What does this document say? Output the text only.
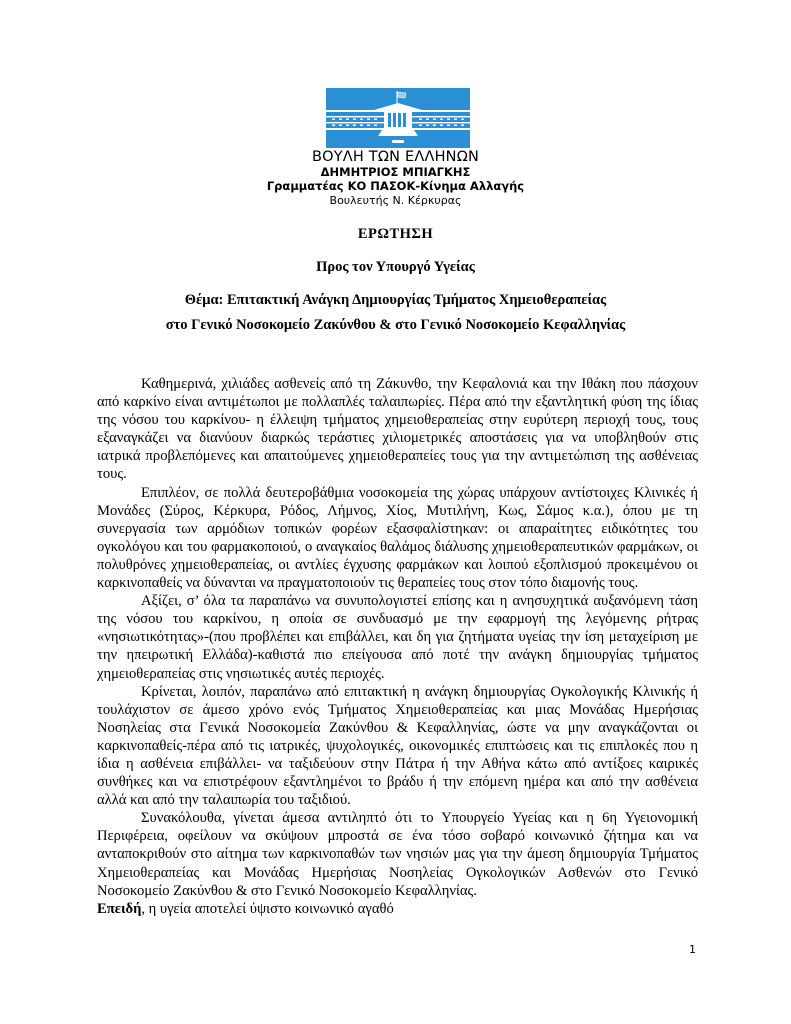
ΒΟΥΛΗ ΤΩΝ ΕΛΛΗΝΩΝ
ΔΗΜΗΤΡΙΟΣ ΜΠΙΑΓΚΗΣ
Γραμματέας ΚΟ ΠΑΣΟΚ-Κίνημα Αλλαγής
Βουλευτής Ν. Κέρκυρας
ΕΡΩΤΗΣΗ
Προς τον Υπουργό Υγείας
Θέμα: Επιτακτική Ανάγκη Δημιουργίας Τμήματος Χημειοθεραπείας
στο Γενικό Νοσοκομείο Ζακύνθου & στο Γενικό Νοσοκομείο Κεφαλληνίας

Καθημερινά, χιλιάδες ασθενείς από τη Ζάκυνθο, την Κεφαλονιά και την Ιθάκη που πάσχουν από καρκίνο είναι αντιμέτωποι με πολλαπλές ταλαιπωρίες. Πέρα από την εξαντλητική φύση της ίδιας της νόσου του καρκίνου- η έλλειψη τμήματος χημειοθεραπείας στην ευρύτερη περιοχή τους, τους εξαναγκάζει να διανύουν διαρκώς τεράστιες χιλιομετρικές αποστάσεις για να υποβληθούν στις ιατρικά προβλεπόμενες και απαιτούμενες χημειοθεραπείες τους για την αντιμετώπιση της ασθένειας τους.

Επιπλέον, σε πολλά δευτεροβάθμια νοσοκομεία της χώρας υπάρχουν αντίστοιχες Κλινικές ή Μονάδες (Σύρος, Κέρκυρα, Ρόδος, Λήμνος, Χίος, Μυτιλήνη, Κως, Σάμος κ.α.), όπου με τη συνεργασία των αρμόδιων τοπικών φορέων εξασφαλίστηκαν: οι απαραίτητες ειδικότητες του ογκολόγου και του φαρμακοποιού, ο αναγκαίος θαλάμος διάλυσης χημειοθεραπευτικών φαρμάκων, οι πολυθρόνες χημειοθεραπείας, οι αντλίες έγχυσης φαρμάκων και λοιπού εξοπλισμού προκειμένου οι καρκινοπαθείς να δύνανται να πραγματοποιούν τις θεραπείες τους στον τόπο διαμονής τους.

Αξίζει, σ’ όλα τα παραπάνω να συνυπολογιστεί επίσης και η ανησυχητικά αυξανόμενη τάση της νόσου του καρκίνου, η οποία σε συνδυασμό με την εφαρμογή της λεγόμενης ρήτρας «νησιωτικότητας»-(που προβλέπει και επιβάλλει, και δη για ζητήματα υγείας την ίση μεταχείριση με την ηπειρωτική Ελλάδα)-καθιστά πιο επείγουσα από ποτέ την ανάγκη δημιουργίας τμήματος χημειοθεραπείας στις νησιωτικές αυτές περιοχές.

Κρίνεται, λοιπόν, παραπάνω από επιτακτική η ανάγκη δημιουργίας Ογκολογικής Κλινικής ή τουλάχιστον σε άμεσο χρόνο ενός Τμήματος Χημειοθεραπείας και μιας Μονάδας Ημερήσιας Νοσηλείας στα Γενικά Νοσοκομεία Ζακύνθου & Κεφαλληνίας, ώστε να μην αναγκάζονται οι καρκινοπαθείς-πέρα από τις ιατρικές, ψυχολογικές, οικονομικές επιπτώσεις και τις επιπλοκές που η ίδια η ασθένεια επιβάλλει- να ταξιδεύουν στην Πάτρα ή την Αθήνα κάτω από αντίξοες καιρικές συνθήκες και να επιστρέφουν εξαντλημένοι το βράδυ ή την επόμενη ημέρα και από την ασθένεια αλλά και από την ταλαιπωρία του ταξιδιού.

Συνακόλουθα, γίνεται άμεσα αντιληπτό ότι το Υπουργείο Υγείας και η 6η Υγειονομική Περιφέρεια, οφείλουν να σκύψουν μπροστά σε ένα τόσο σοβαρό κοινωνικό ζήτημα και να ανταποκριθούν στο αίτημα των καρκινοπαθών των νησιών μας για την άμεση δημιουργία Τμήματος Χημειοθεραπείας και Μονάδας Ημερήσιας Νοσηλείας Ογκολογικών Ασθενών στο Γενικό Νοσοκομείο Ζακύνθου & στο Γενικό Νοσοκομείο Κεφαλληνίας.

Επειδή, η υγεία αποτελεί ύψιστο κοινωνικό αγαθό

1
